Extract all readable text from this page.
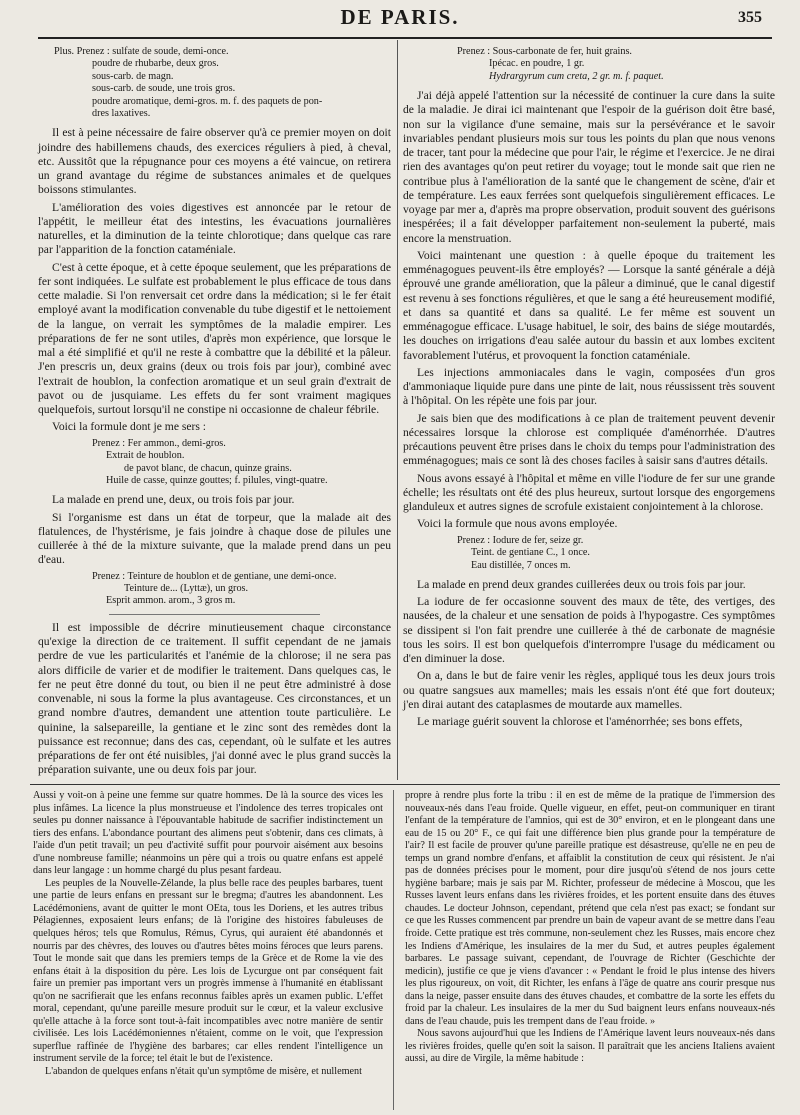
DE PARIS.	355
Plus. Prenez : sulfate de soude, demi-once.
poudre de rhubarbe, deux gros.
sous-carb. de magn.
sous-carb. de soude, une trois gros.
poudre aromatique, demi-gros. m. f. des paquets de pon-
dres laxatives.

Il est à peine nécessaire de faire observer qu'à ce premier moyen on doit joindre des habillemens chauds, des exercices réguliers à pied, à cheval, etc. Aussitôt que la répugnance pour ces moyens a été vaincue, on retirera un grand avantage du régime de substances animales et de quelques boissons stimulantes.

L'amélioration des voies digestives est annoncée par le retour de l'appétit, le meilleur état des intestins, les évacuations journalières naturelles, et la diminution de la teinte chlorotique; dans quelque cas rare par l'apparition de la fonction cataméniale.

C'est à cette époque, et à cette époque seulement, que les préparations de fer sont indiquées. Le sulfate est probablement le plus efficace de tous dans cette maladie. Si l'on renversait cet ordre dans la médication; si le fer était employé avant la modification convenable du tube digestif et le nettoiement de la langue, on verrait les symptômes de la maladie empirer. Les préparations de fer ne sont utiles, d'après mon expérience, que lorsque le mal a été simplifié et qu'il ne reste à combattre que la débilité et la pâleur. J'en prescris un, deux grains (deux ou trois fois par jour), combiné avec l'extrait de houblon, la confection aromatique et un seul grain d'extrait de pavot ou de jusquiame. Les effets du fer sont vraiment magiques quelquefois, surtout lorsqu'il ne constipe ni occasionne de chaleur fébrile.

Voici la formule dont je me sers :

Prenez : Fer ammon., demi-gros.
Extrait de houblon.
de pavot blanc, de chacun, quinze grains.
Huile de casse, quinze gouttes; f. pilules, vingt-quatre.

La malade en prend une, deux, ou trois fois par jour.

Si l'organisme est dans un état de torpeur, que la malade ait des flatulences, de l'hystérisme, je fais joindre à chaque dose de pilules une cuillerée à thé de la mixture suivante, que la malade prend dans un peu d'eau.

Prenez : Teinture de houblon et de gentiane, une demi-once.
Teinture de... (Lyttæ), un gros.
Esprit ammon. arom., 3 gros m.

Il est impossible de décrire minutieusement chaque circonstance qu'exige la direction de ce traitement. Il suffit cependant de ne jamais perdre de vue les particularités et l'anémie de la chlorose; il ne sera pas alors difficile de varier et de modifier le traitement. Dans quelques cas, le fer ne peut être donné du tout, ou bien il ne peut être administré à dose convenable, ni sous la forme la plus avantageuse. Ces circonstances, et un grand nombre d'autres, demandent une attention toute particulière. Le quinine, la salsepareille, la gentiane et le zinc sont des remèdes dont la puissance est reconnue; dans des cas, cependant, où le sulfate et les autres préparations de fer ont été nuisibles, j'ai donné avec le plus grand succès la préparation suivante, une ou deux fois par jour.

Prenez : Sous-carbonate de fer, huit grains.
Ipécac. en poudre, 1 gr.
Hydrargyrum cum creta, 2 gr. m. f. paquet.

J'ai déjà appelé l'attention sur la nécessité de continuer la cure dans la suite de la maladie. Je dirai ici maintenant que l'espoir de la guérison doit être basé, non sur la vigilance d'une semaine, mais sur la persévérance et le savoir invariables pendant plusieurs mois sur tous les points du plan que nous venons de tracer, tant pour la médecine que pour l'air, le régime et l'exercice. Je ne dirai rien des avantages qu'on peut retirer du voyage; tout le monde sait que rien ne contribue plus à l'amélioration de la santé que le changement de scène, d'air et de température. Les eaux ferrées sont quelquefois singulièrement efficaces. Le voyage par mer a, d'après ma propre observation, produit souvent des guérisons inespérées; il a fait développer parfaitement non-seulement la puberté, mais encore la menstruation.

Voici maintenant une question : à quelle époque du traitement les emménagogues peuvent-ils être employés? — Lorsque la santé générale a déjà éprouvé une grande amélioration, que la pâleur a diminué, que le canal digestif est revenu à ses fonctions régulières, et que le sang a été heureusement modifié, et dans sa quantité et dans sa qualité. Le fer même est souvent un emménagogue efficace. L'usage habituel, le soir, des bains de siége moutardés, les douches on irrigations d'eau salée autour du bassin et aux lombes excitent favorablement l'utérus, et provoquent la fonction cataméniale.

Les injections ammoniacales dans le vagin, composées d'un gros d'ammoniaque liquide pure dans une pinte de lait, nous réussissent très souvent à l'hôpital. On les répète une fois par jour.

Je sais bien que des modifications à ce plan de traitement peuvent devenir nécessaires lorsque la chlorose est compliquée d'aménorrhée. D'autres précautions peuvent être prises dans le choix du temps pour l'administration des emménagogues; mais ce sont là des choses faciles à saisir sans d'autres détails.

Nous avons essayé à l'hôpital et même en ville l'iodure de fer sur une grande échelle; les résultats ont été des plus heureux, surtout lorsque des engorgemens glanduleux et autres signes de scrofule existaient conjointement à la chlorose.

Voici la formule que nous avons employée.

Prenez : Iodure de fer, seize gr.
Teint. de gentiane C., 1 once.
Eau distillée, 7 onces m.

La malade en prend deux grandes cuillerées deux ou trois fois par jour.

La iodure de fer occasionne souvent des maux de tête, des vertiges, des nausées, de la chaleur et une sensation de poids à l'hypogastre. Ces symptômes se dissipent si l'on fait prendre une cuillerée à thé de carbonate de magnésie tous les soirs. Il est bon quelquefois d'interrompre l'usage du médicament ou d'en diminuer la dose.

On a, dans le but de faire venir les règles, appliqué tous les deux jours trois ou quatre sangsues aux mamelles; mais les essais n'ont été que fort douteux; j'en dirai autant des cataplasmes de moutarde aux mamelles.

Le mariage guérit souvent la chlorose et l'aménorrhée; ses bons effets,

Aussi y voit-on à peine une femme sur quatre hommes. De là la source des vices les plus infâmes. La licence la plus monstrueuse et l'indolence des terres tropicales ont seules pu donner naissance à l'épouvantable habitude de sacrifier indistinctement un tiers des enfans. L'abondance pourtant des alimens peut s'obtenir, dans ces climats, à l'aide d'un petit travail; un peu d'activité suffit pour pourvoir aisément aux besoins d'une nombreuse famille; néanmoins un père qui a trois ou quatre enfans est appelé dans leur langage : un homme chargé du plus pesant fardeau.

Les peuples de la Nouvelle-Zélande, la plus belle race des peuples barbares, tuent une partie de leurs enfans en pressant sur le bregma; d'autres les abandonnent. Les Lacédémoniens, avant de quitter le mont OEta, tous les Doriens, et les autres tribus Pélagiennes, exposaient leurs enfans; de là l'origine des histoires fabuleuses de quelques héros; tels que Romulus, Rémus, Cyrus, qui auraient été abandonnés et nourris par des chèvres, des louves ou d'autres bêtes moins féroces que leurs parens. Tout le monde sait que dans les premiers temps de la Grèce et de Rome la vie des enfans était à la disposition du père. Les lois de Lycurgue ont par conséquent fait faire un premier pas important vers un progrès immense à l'humanité en établissant qu'on ne sacrifierait que les enfans reconnus faibles après un examen public. L'effet moral, cependant, qu'une pareille mesure produit sur le cœur, et la valeur exclusive qu'elle attache à la force sont tout-à-fait incompatibles avec notre manière de sentir civilisée. Les lois Lacédémoniennes n'étaient, comme on le voit, que l'expression superflue raffinée de l'hygiène des barbares; car elles rendent l'intelligence un instrument servile de la force; tel était le but de l'existence.

L'abandon de quelques enfans n'était qu'un symptôme de misère, et nullement

propre à rendre plus forte la tribu : il en est de même de la pratique de l'immersion des nouveaux-nés dans l'eau froide. Quelle vigueur, en effet, peut-on communiquer en tirant l'enfant de la température de l'amnios, qui est de 30° environ, et en le plongeant dans une eau de 15 ou 20° F., ce qui fait une différence bien plus grande pour la température de l'air? Il est facile de prouver qu'une pareille pratique est désastreuse, qu'elle ne en peu de temps un grand nombre d'enfans, et affaiblit la constitution de ceux qui résistent. Je n'ai pas de données précises pour le moment, pour dire jusqu'où s'étend de nos jours cette hygiène barbare; mais je sais par M. Richter, professeur de médecine à Moscou, que les Russes lavent leurs enfans dans les rivières froides, et les portent ensuite dans des étuves chaudes. Le docteur Johnson, cependant, prétend que cela n'est pas exact; se fondant sur ce que les Russes commencent par prendre un bain de vapeur avant de se mettre dans l'eau froide. Cette pratique est très commune, non-seulement chez les Russes, mais encore chez les Indiens d'Amérique, les insulaires de la mer du Sud, et autres peuples également barbares. Le passage suivant, cependant, de l'ouvrage de Richter (Geschichte der medicin), justifie ce que je viens d'avancer : « Pendant le froid le plus intense des hivers les plus rigoureux, on voit, dit Richter, les enfans à l'âge de quatre ans courir presque nus dans la neige, passer ensuite dans des étuves chaudes, et combattre de la sorte les effets du froid par la chaleur. Les insulaires de la mer du Sud baignent leurs enfans nouveaux-nés dans de l'eau chaude, puis les trempent dans de l'eau froide. »

Nous savons aujourd'hui que les Indiens de l'Amérique lavent leurs nouveaux-nés dans les rivières froides, quelle qu'en soit la saison. Il paraîtrait que les anciens Italiens avaient aussi, au dire de Virgile, la même habitude :
